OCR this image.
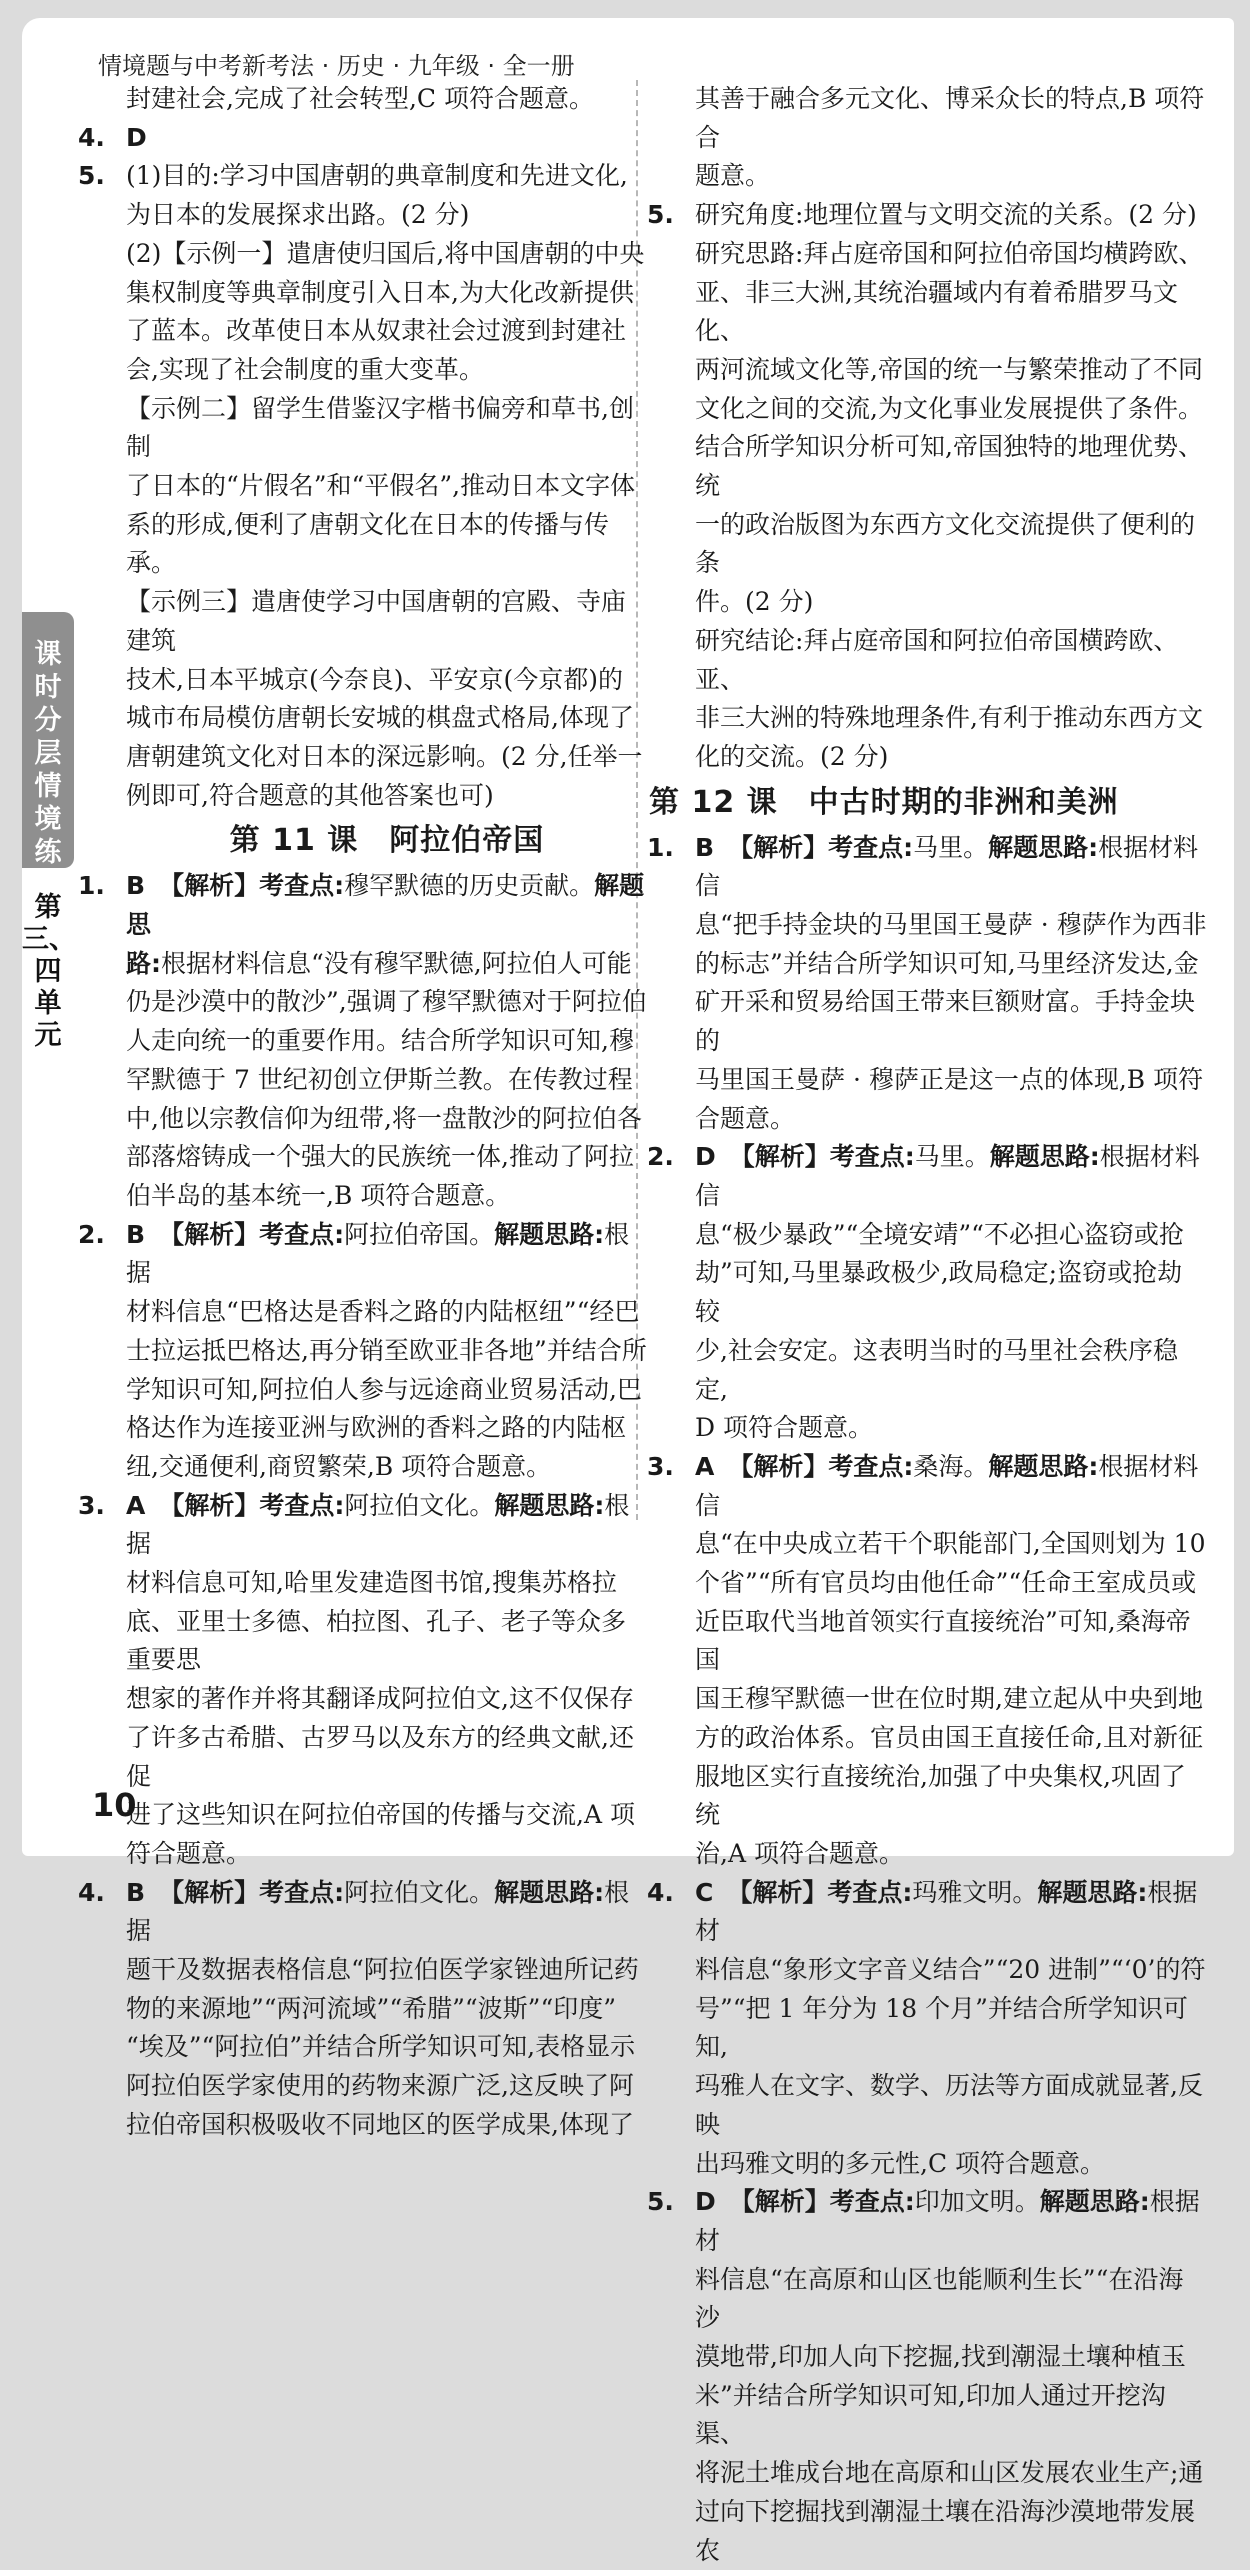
情境题与中考新考法 · 历史 · 九年级 · 全一册

封建社会,完成了社会转型,C 项符合题意。

4. D
5. (1)目的:学习中国唐朝的典章制度和先进文化,

为日本的发展探求出路。(2 分)

(2)【示例一】遣唐使归国后,将中国唐朝的中央

集权制度等典章制度引入日本,为大化改新提供

了蓝本。改革使日本从奴隶社会过渡到封建社

会,实现了社会制度的重大变革。

【示例二】留学生借鉴汉字楷书偏旁和草书,创制

了日本的“片假名”和“平假名”,推动日本文字体

系的形成,便利了唐朝文化在日本的传播与传承。

【示例三】遣唐使学习中国唐朝的宫殿、寺庙建筑

技术,日本平城京(今奈良)、平安京(今京都)的

城市布局模仿唐朝长安城的棋盘式格局,体现了

唐朝建筑文化对日本的深远影响。(2 分,任举一

例即可,符合题意的其他答案也可)

第 11 课　阿拉伯帝国
1. B 【解析】考查点:穆罕默德的历史贡献。解题思

路:根据材料信息“没有穆罕默德,阿拉伯人可能

仍是沙漠中的散沙”,强调了穆罕默德对于阿拉伯

人走向统一的重要作用。结合所学知识可知,穆

罕默德于 7 世纪初创立伊斯兰教。在传教过程

中,他以宗教信仰为纽带,将一盘散沙的阿拉伯各

部落熔铸成一个强大的民族统一体,推动了阿拉

伯半岛的基本统一,B 项符合题意。

2. B 【解析】考查点:阿拉伯帝国。解题思路:根据

材料信息“巴格达是香料之路的内陆枢纽”“经巴

士拉运抵巴格达,再分销至欧亚非各地”并结合所

学知识可知,阿拉伯人参与远途商业贸易活动,巴

格达作为连接亚洲与欧洲的香料之路的内陆枢

纽,交通便利,商贸繁荣,B 项符合题意。

3. A 【解析】考查点:阿拉伯文化。解题思路:根据

材料信息可知,哈里发建造图书馆,搜集苏格拉

底、亚里士多德、柏拉图、孔子、老子等众多重要思

想家的著作并将其翻译成阿拉伯文,这不仅保存

了许多古希腊、古罗马以及东方的经典文献,还促

进了这些知识在阿拉伯帝国的传播与交流,A 项

符合题意。

4. B 【解析】考查点:阿拉伯文化。解题思路:根据

题干及数据表格信息“阿拉伯医学家锉迪所记药

物的来源地”“两河流域”“希腊”“波斯”“印度”

“埃及”“阿拉伯”并结合所学知识可知,表格显示

阿拉伯医学家使用的药物来源广泛,这反映了阿

拉伯帝国积极吸收不同地区的医学成果,体现了

其善于融合多元文化、博采众长的特点,B 项符合

题意。

5. 研究角度:地理位置与文明交流的关系。(2 分)

研究思路:拜占庭帝国和阿拉伯帝国均横跨欧、

亚、非三大洲,其统治疆域内有着希腊罗马文化、

两河流域文化等,帝国的统一与繁荣推动了不同

文化之间的交流,为文化事业发展提供了条件。

结合所学知识分析可知,帝国独特的地理优势、统

一的政治版图为东西方文化交流提供了便利的条

件。(2 分)

研究结论:拜占庭帝国和阿拉伯帝国横跨欧、亚、

非三大洲的特殊地理条件,有利于推动东西方文

化的交流。(2 分)

第 12 课　中古时期的非洲和美洲
1. B 【解析】考查点:马里。解题思路:根据材料信

息“把手持金块的马里国王曼萨 · 穆萨作为西非

的标志”并结合所学知识可知,马里经济发达,金

矿开采和贸易给国王带来巨额财富。手持金块的

马里国王曼萨 · 穆萨正是这一点的体现,B 项符

合题意。

2. D 【解析】考查点:马里。解题思路:根据材料信

息“极少暴政”“全境安靖”“不必担心盗窃或抢

劫”可知,马里暴政极少,政局稳定;盗窃或抢劫较

少,社会安定。这表明当时的马里社会秩序稳定,

D 项符合题意。

3. A 【解析】考查点:桑海。解题思路:根据材料信

息“在中央成立若干个职能部门,全国则划为 10

个省”“所有官员均由他任命”“任命王室成员或

近臣取代当地首领实行直接统治”可知,桑海帝国

国王穆罕默德一世在位时期,建立起从中央到地

方的政治体系。官员由国王直接任命,且对新征

服地区实行直接统治,加强了中央集权,巩固了统

治,A 项符合题意。

4. C 【解析】考查点:玛雅文明。解题思路:根据材

料信息“象形文字音义结合”“20 进制”“‘0’的符

号”“把 1 年分为 18 个月”并结合所学知识可知,

玛雅人在文字、数学、历法等方面成就显著,反映

出玛雅文明的多元性,C 项符合题意。

5. D 【解析】考查点:印加文明。解题思路:根据材

料信息“在高原和山区也能顺利生长”“在沿海沙

漠地带,印加人向下挖掘,找到潮湿土壤种植玉

米”并结合所学知识可知,印加人通过开挖沟渠、

将泥土堆成台地在高原和山区发展农业生产;通

过向下挖掘找到潮湿土壤在沿海沙漠地带发展农

课时分层情境练
第三、四单元
10
